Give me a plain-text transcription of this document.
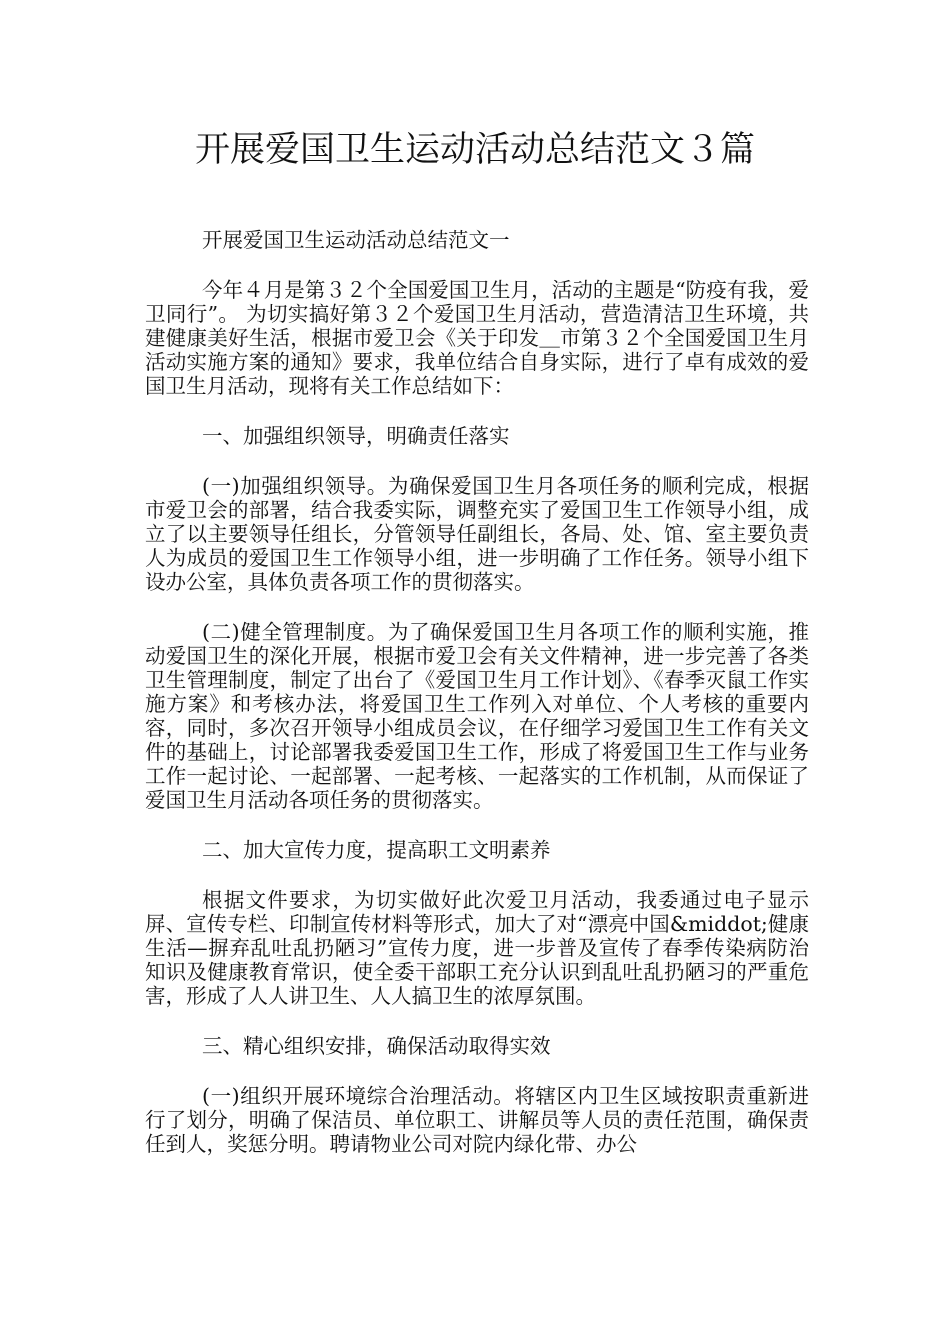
开展爱国卫生运动活动总结范文３篇

开展爱国卫生运动活动总结范文一

今年４月是第３２个全国爱国卫生月，活动的主题是“防疫有我，爱卫同行”。 为切实搞好第３２个爱国卫生月活动，营造清洁卫生环境，共建健康美好生活，根据市爱卫会《关于印发＿市第３２个全国爱国卫生月活动实施方案的通知》要求，我单位结合自身实际，进行了卓有成效的爱国卫生月活动，现将有关工作总结如下：

一、加强组织领导，明确责任落实

(一)加强组织领导。为确保爱国卫生月各项任务的顺利完成，根据市爱卫会的部署，结合我委实际，调整充实了爱国卫生工作领导小组，成立了以主要领导任组长，分管领导任副组长，各局、处、馆、室主要负责人为成员的爱国卫生工作领导小组，进一步明确了工作任务。领导小组下设办公室，具体负责各项工作的贯彻落实。

(二)健全管理制度。为了确保爱国卫生月各项工作的顺利实施，推动爱国卫生的深化开展，根据市爱卫会有关文件精神，进一步完善了各类卫生管理制度，制定了出台了《爱国卫生月工作计划》、《春季灭鼠工作实施方案》和考核办法，将爱国卫生工作列入对单位、个人考核的重要内容，同时，多次召开领导小组成员会议，在仔细学习爱国卫生工作有关文件的基础上，讨论部署我委爱国卫生工作，形成了将爱国卫生工作与业务工作一起讨论、一起部署、一起考核、一起落实的工作机制，从而保证了爱国卫生月活动各项任务的贯彻落实。

二、加大宣传力度，提高职工文明素养

根据文件要求，为切实做好此次爱卫月活动，我委通过电子显示屏、宣传专栏、印制宣传材料等形式，加大了对“漂亮中国&middot;健康生活—摒弃乱吐乱扔陋习”宣传力度，进一步普及宣传了春季传染病防治知识及健康教育常识，使全委干部职工充分认识到乱吐乱扔陋习的严重危害，形成了人人讲卫生、人人搞卫生的浓厚氛围。

三、精心组织安排，确保活动取得实效

(一)组织开展环境综合治理活动。将辖区内卫生区域按职责重新进行了划分，明确了保洁员、单位职工、讲解员等人员的责任范围，确保责任到人，奖惩分明。聘请物业公司对院内绿化带、办公
